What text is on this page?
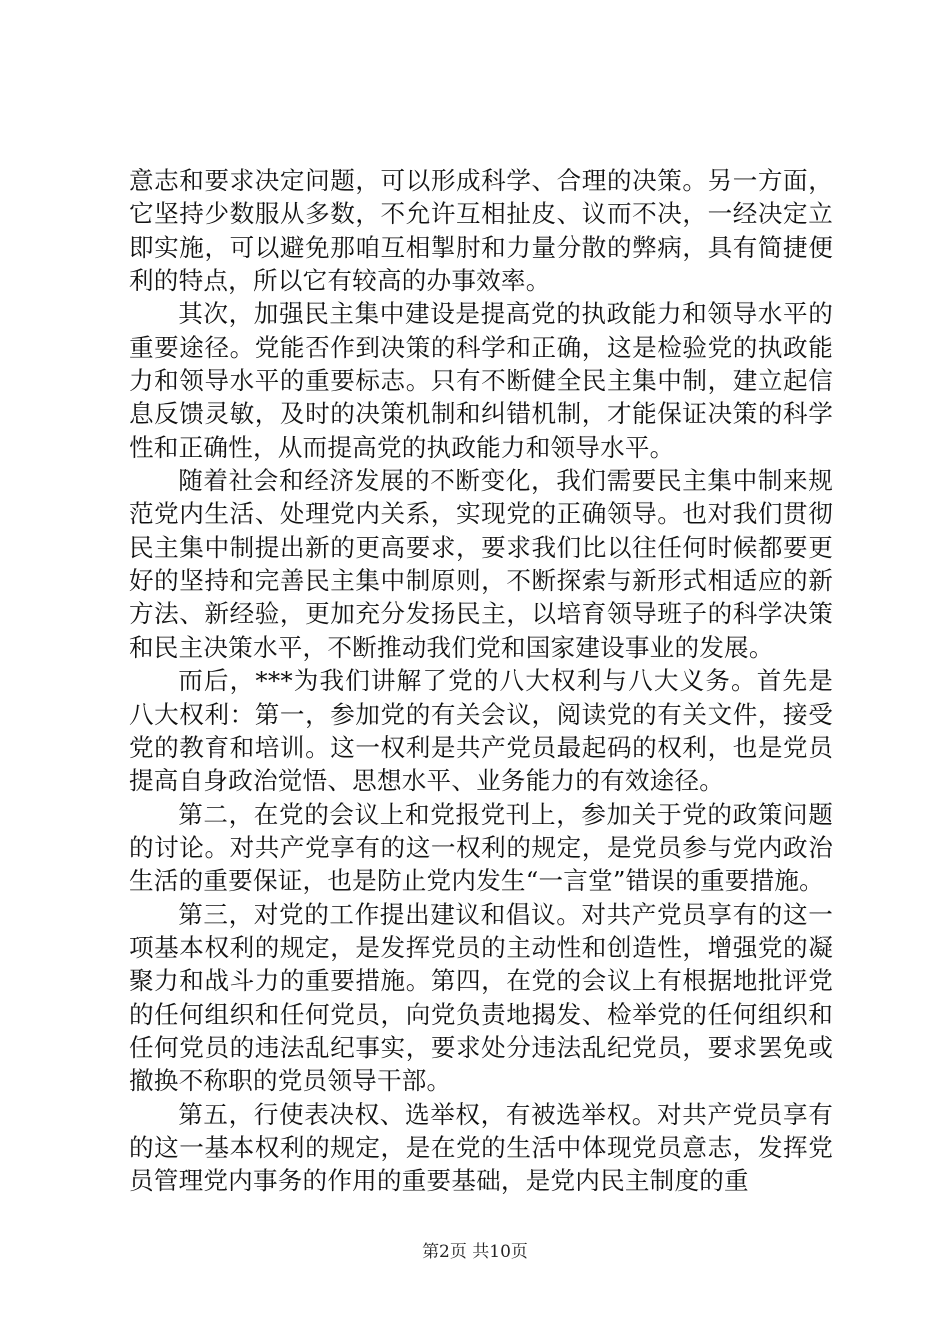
意志和要求决定问题，可以形成科学、合理的决策。另一方面，它坚持少数服从多数，不允许互相扯皮、议而不决，一经决定立即实施，可以避免那咱互相掣肘和力量分散的弊病，具有简捷便利的特点，所以它有较高的办事效率。

其次，加强民主集中建设是提高党的执政能力和领导水平的重要途径。党能否作到决策的科学和正确，这是检验党的执政能力和领导水平的重要标志。只有不断健全民主集中制，建立起信息反馈灵敏，及时的决策机制和纠错机制，才能保证决策的科学性和正确性，从而提高党的执政能力和领导水平。

随着社会和经济发展的不断变化，我们需要民主集中制来规范党内生活、处理党内关系，实现党的正确领导。也对我们贯彻民主集中制提出新的更高要求，要求我们比以往任何时候都要更好的坚持和完善民主集中制原则，不断探索与新形式相适应的新方法、新经验，更加充分发扬民主，以培育领导班子的科学决策和民主决策水平，不断推动我们党和国家建设事业的发展。

而后，***为我们讲解了党的八大权利与八大义务。首先是八大权利：第一，参加党的有关会议，阅读党的有关文件，接受党的教育和培训。这一权利是共产党员最起码的权利，也是党员提高自身政治觉悟、思想水平、业务能力的有效途径。

第二，在党的会议上和党报党刊上，参加关于党的政策问题的讨论。对共产党享有的这一权利的规定，是党员参与党内政治生活的重要保证，也是防止党内发生“一言堂”错误的重要措施。

第三，对党的工作提出建议和倡议。对共产党员享有的这一项基本权利的规定，是发挥党员的主动性和创造性，增强党的凝聚力和战斗力的重要措施。第四，在党的会议上有根据地批评党的任何组织和任何党员，向党负责地揭发、检举党的任何组织和任何党员的违法乱纪事实，要求处分违法乱纪党员，要求罢免或撤换不称职的党员领导干部。

第五，行使表决权、选举权，有被选举权。对共产党员享有的这一基本权利的规定，是在党的生活中体现党员意志，发挥党员管理党内事务的作用的重要基础，是党内民主制度的重

第2页 共10页
